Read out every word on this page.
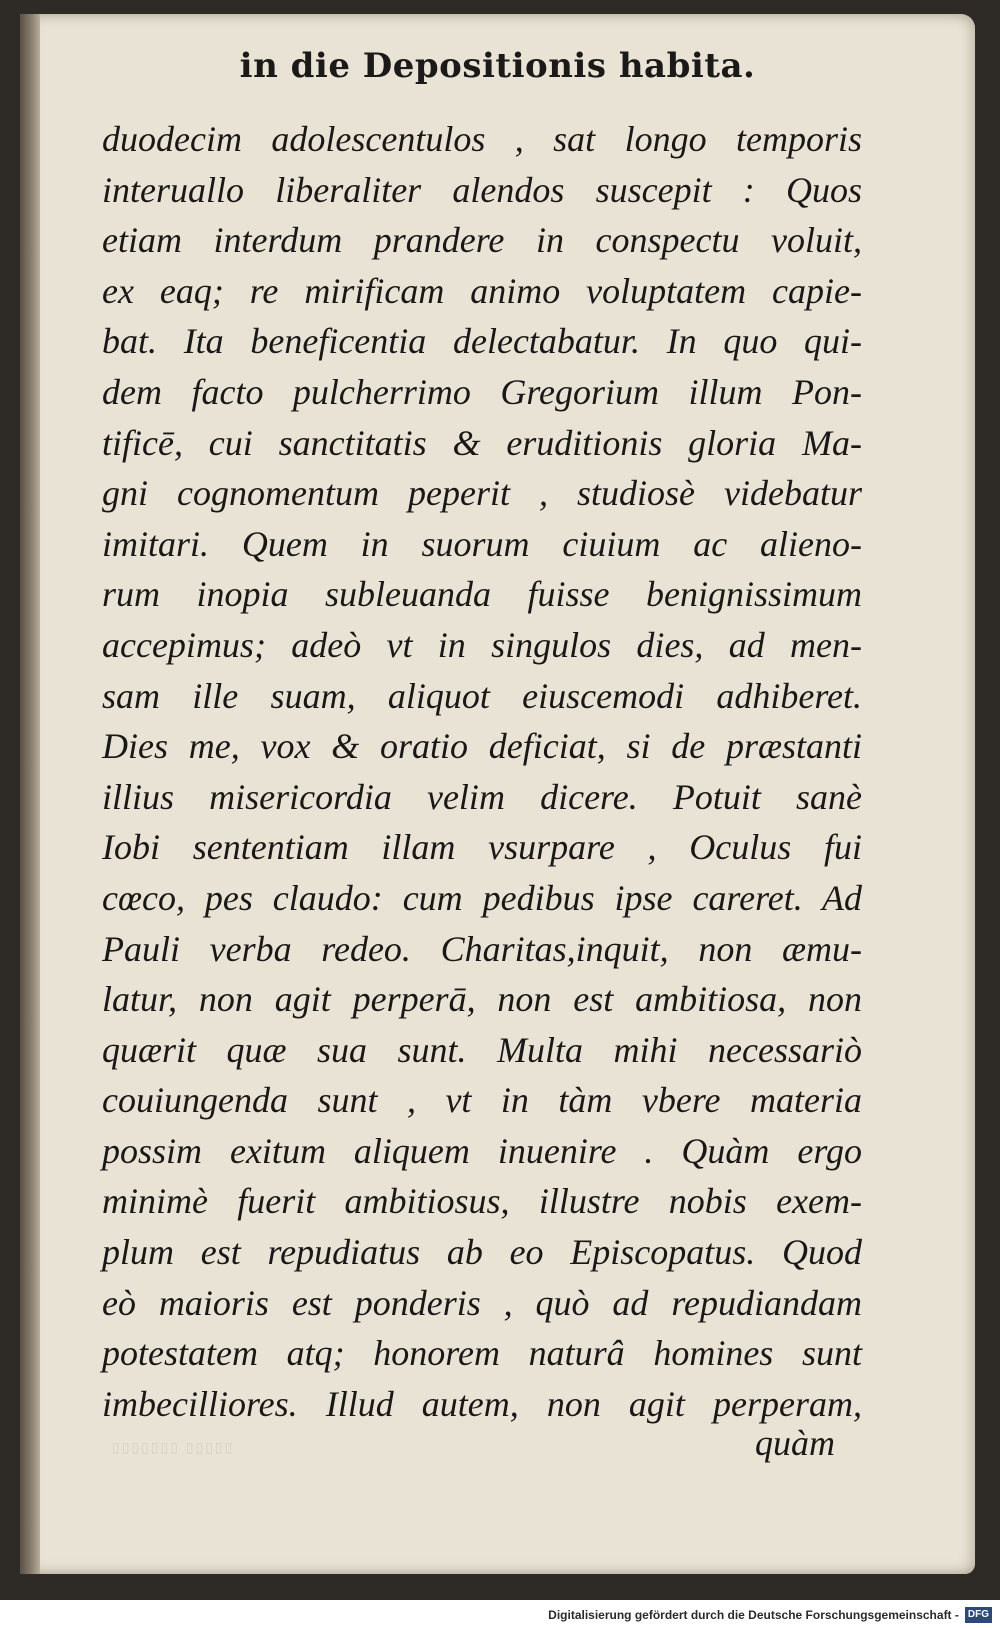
in die Depositionis habita.
duodecim adolescentulos , sat longo temporis
interuallo liberaliter alendos suscepit : Quos
etiam interdum prandere in conspectu voluit,
ex eaq; re mirificam animo voluptatem capie-
bat. Ita beneficentia delectabatur. In quo qui-
dem facto pulcherrimo Gregorium illum Pon-
tificē, cui sanctitatis & eruditionis gloria Ma-
gni cognomentum peperit , studiosè videbatur
imitari. Quem in suorum ciuium ac alieno-
rum inopia subleuanda fuisse benignissimum
accepimus; adeò vt in singulos dies, ad men-
sam ille suam, aliquot eiuscemodi adhiberet.
Dies me, vox & oratio deficiat, si de præstanti
illius misericordia velim dicere. Potuit sanè
Iobi sententiam illam vsurpare , Oculus fui
cœco, pes claudo: cum pedibus ipse careret. Ad
Pauli verba redeo. Charitas,inquit, non æmu-
latur, non agit perperā, non est ambitiosa, non
quærit quæ sua sunt. Multa mihi necessariò
couiungenda sunt , vt in tàm vbere materia
possim exitum aliquem inuenire . Quàm ergo
minimè fuerit ambitiosus, illustre nobis exem-
plum est repudiatus ab eo Episcopatus. Quod
eò maioris est ponderis , quò ad repudiandam
potestatem atq; honorem naturâ homines sunt
imbecilliores. Illud autem, non agit perperam,
▯▯▯▯▯▯▯ ▯▯▯▯▯	quàm

Digitalisierung gefördert durch die Deutsche Forschungsgemeinschaft - DFG
